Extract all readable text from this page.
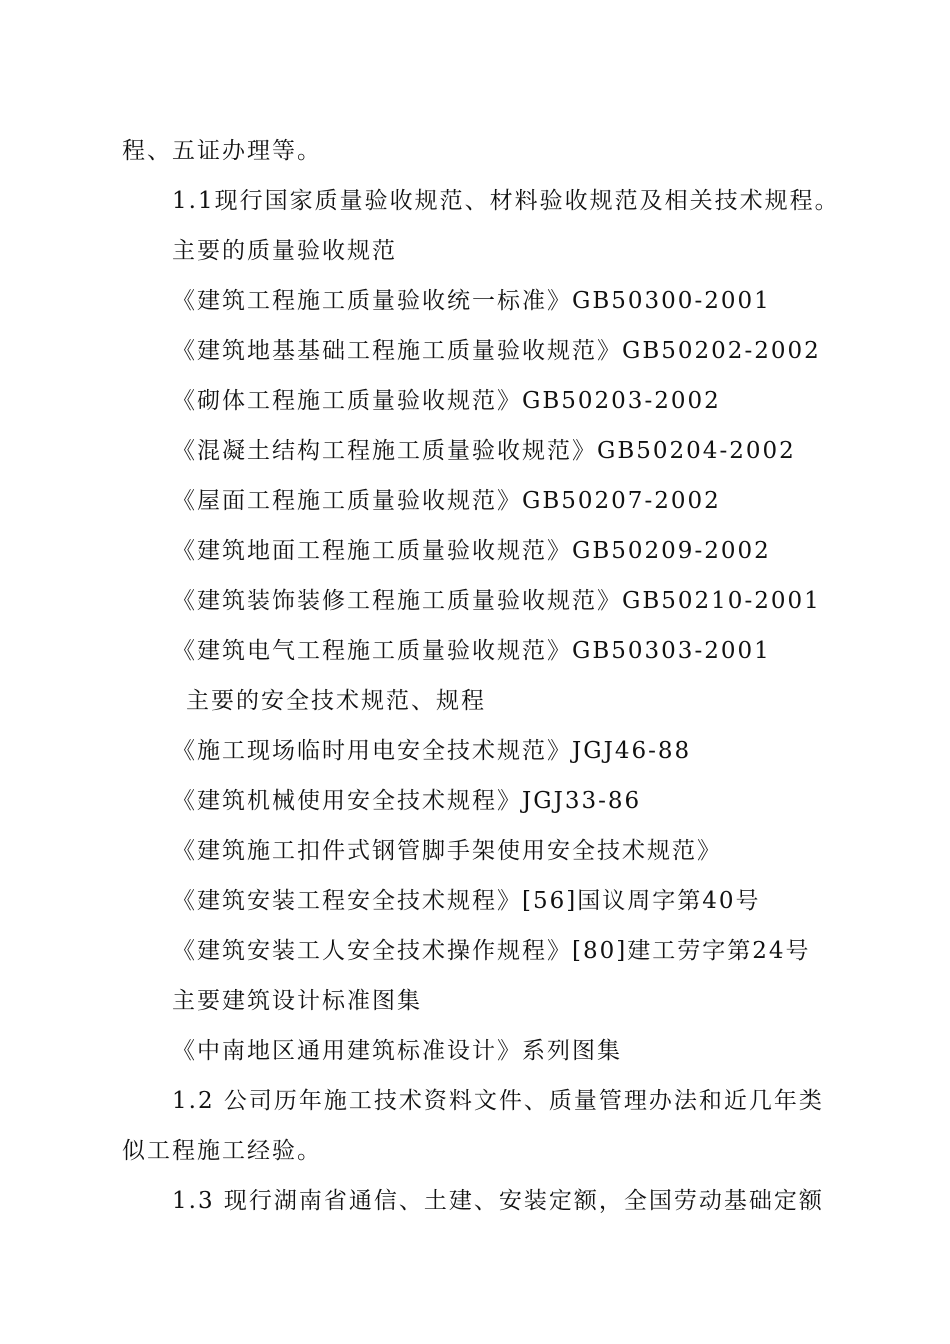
程、五证办理等。
1.1现行国家质量验收规范、材料验收规范及相关技术规程。
主要的质量验收规范
《建筑工程施工质量验收统一标准》GB50300-2001
《建筑地基基础工程施工质量验收规范》GB50202-2002
《砌体工程施工质量验收规范》GB50203-2002
《混凝土结构工程施工质量验收规范》GB50204-2002
《屋面工程施工质量验收规范》GB50207-2002
《建筑地面工程施工质量验收规范》GB50209-2002
《建筑装饰装修工程施工质量验收规范》GB50210-2001
《建筑电气工程施工质量验收规范》GB50303-2001
主要的安全技术规范、规程
《施工现场临时用电安全技术规范》JGJ46-88
《建筑机械使用安全技术规程》JGJ33-86
《建筑施工扣件式钢管脚手架使用安全技术规范》
《建筑安装工程安全技术规程》[56]国议周字第40号
《建筑安装工人安全技术操作规程》[80]建工劳字第24号
主要建筑设计标准图集
《中南地区通用建筑标准设计》系列图集
1.2 公司历年施工技术资料文件、质量管理办法和近几年类
似工程施工经验。
1.3 现行湖南省通信、土建、安装定额，全国劳动基础定额
